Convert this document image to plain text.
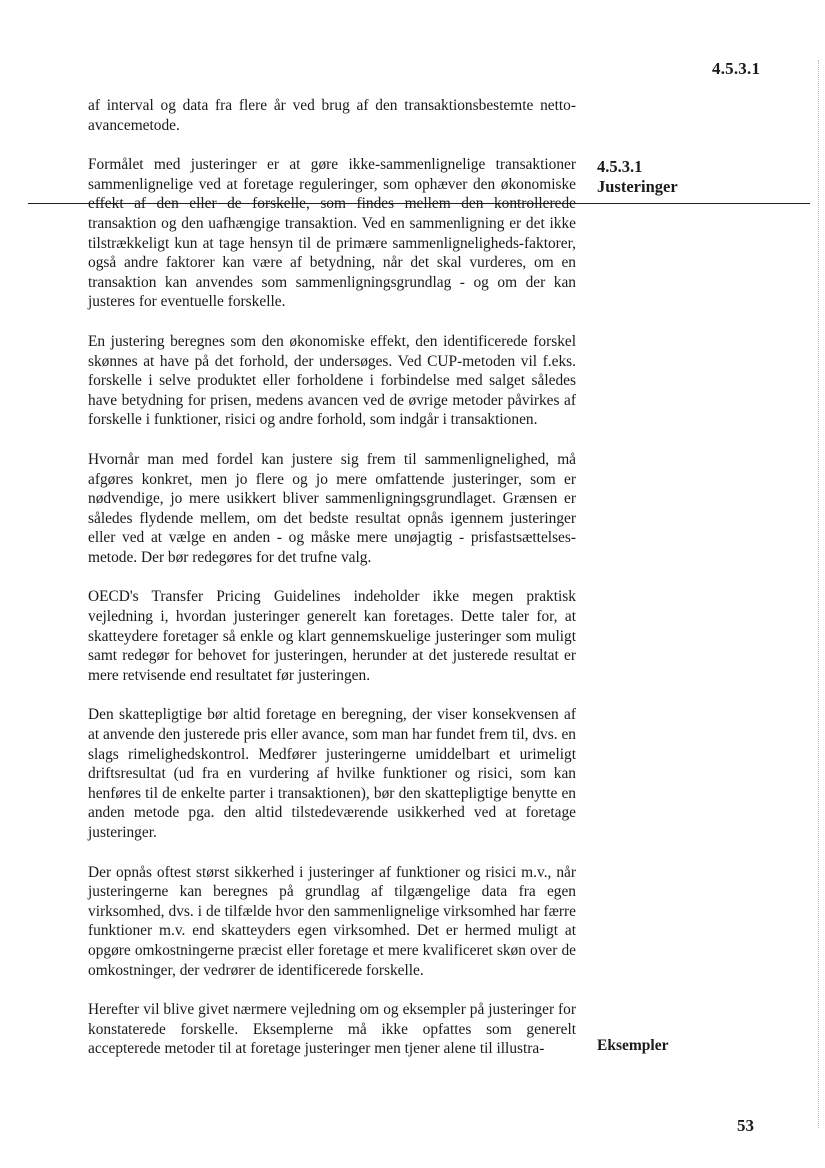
4.5.3.1

af interval og data fra flere år ved brug af den transaktionsbestemte netto-avancemetode.

Formålet med justeringer er at gøre ikke-sammenlignelige transaktioner sammenlignelige ved at foretage reguleringer, som ophæver den økonomiske effekt af den eller de forskelle, som findes mellem den kontrollerede transaktion og den uafhængige transaktion. Ved en sammenligning er det ikke tilstrækkeligt kun at tage hensyn til de primære sammenligneligheds-faktorer, også andre faktorer kan være af betydning, når det skal vurderes, om en transaktion kan anvendes som sammenligningsgrundlag - og om der kan justeres for eventuelle forskelle.

En justering beregnes som den økonomiske effekt, den identificerede forskel skønnes at have på det forhold, der undersøges. Ved CUP-metoden vil f.eks. forskelle i selve produktet eller forholdene i forbindelse med salget således have betydning for prisen, medens avancen ved de øvrige metoder påvirkes af forskelle i funktioner, risici og andre forhold, som indgår i transaktionen.

Hvornår man med fordel kan justere sig frem til sammenlignelighed, må afgøres konkret, men jo flere og jo mere omfattende justeringer, som er nødvendige, jo mere usikkert bliver sammenligningsgrundlaget. Grænsen er således flydende mellem, om det bedste resultat opnås igennem justeringer eller ved at vælge en anden - og måske mere unøjagtig - prisfastsættelses-metode. Der bør redegøres for det trufne valg.

OECD's Transfer Pricing Guidelines indeholder ikke megen praktisk vejledning i, hvordan justeringer generelt kan foretages. Dette taler for, at skatteydere foretager så enkle og klart gennemskuelige justeringer som muligt samt redegør for behovet for justeringen, herunder at det justerede resultat er mere retvisende end resultatet før justeringen.

Den skattepligtige bør altid foretage en beregning, der viser konsekvensen af at anvende den justerede pris eller avance, som man har fundet frem til, dvs. en slags rimelighedskontrol. Medfører justeringerne umiddelbart et urimeligt driftsresultat (ud fra en vurdering af hvilke funktioner og risici, som kan henføres til de enkelte parter i transaktionen), bør den skattepligtige benytte en anden metode pga. den altid tilstedeværende usikkerhed ved at foretage justeringer.

Der opnås oftest størst sikkerhed i justeringer af funktioner og risici m.v., når justeringerne kan beregnes på grundlag af tilgængelige data fra egen virksomhed, dvs. i de tilfælde hvor den sammenlignelige virksomhed har færre funktioner m.v. end skatteyders egen virksomhed. Det er hermed muligt at opgøre omkostningerne præcist eller foretage et mere kvalificeret skøn over de omkostninger, der vedrører de identificerede forskelle.

Herefter vil blive givet nærmere vejledning om og eksempler på justeringer for konstaterede forskelle. Eksemplerne må ikke opfattes som generelt accepterede metoder til at foretage justeringer men tjener alene til illustra-

4.5.3.1
Justeringer
Eksempler
53
